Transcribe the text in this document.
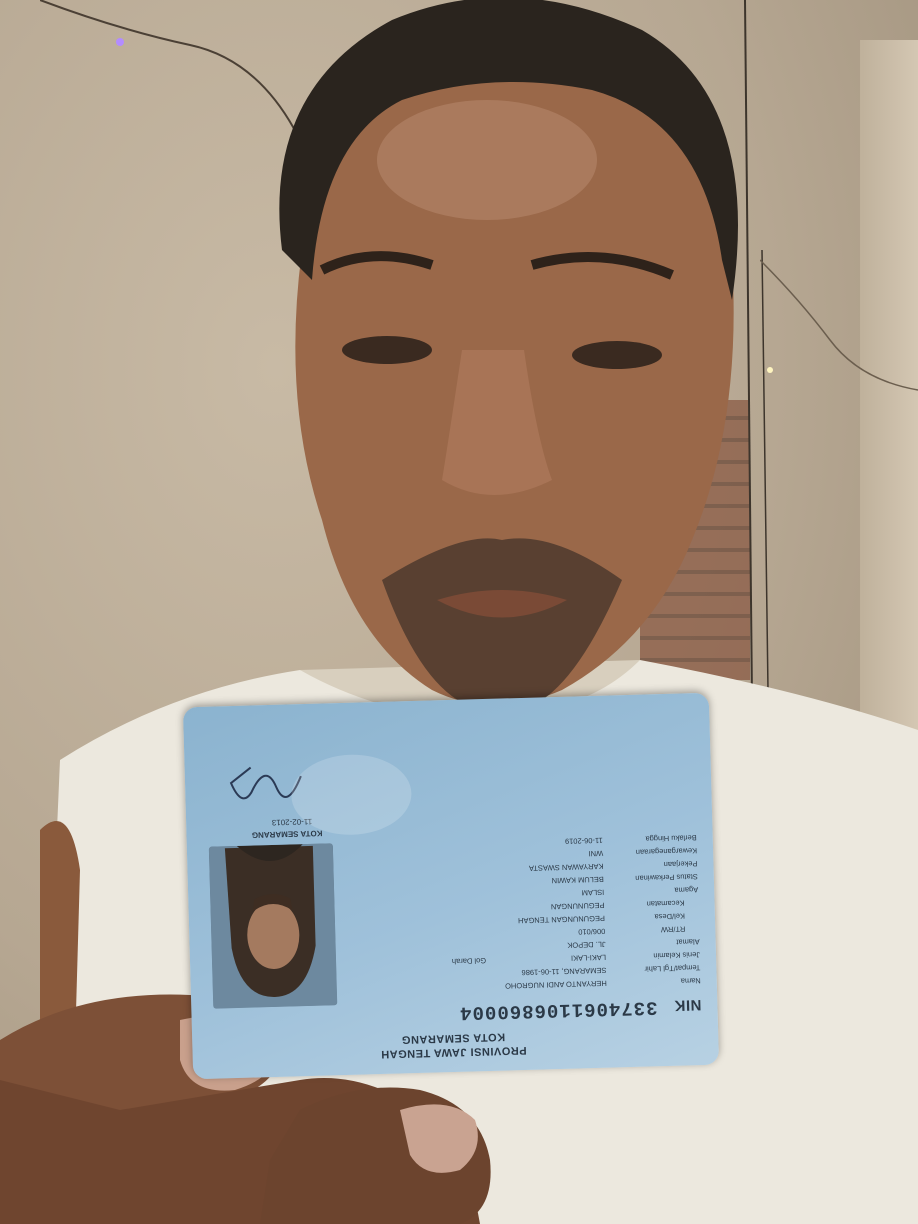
PROVINSI JAWA TENGAH
KOTA SEMARANG
NIK
3374061106860004
Nama
HERYANTO ANDI NUGROHO
Tempat/Tgl Lahir
SEMARANG, 11-06-1986
Jenis Kelamin
LAKI-LAKI
Gol Darah
Alamat
JL. DEPOK
RT/RW
006/010
Kel/Desa
PEGUNUNGAN TENGAH
Kecamatan
PEGUNUNGAN
Agama
ISLAM
Status Perkawinan
BELUM KAWIN
Pekerjaan
KARYAWAN SWASTA
Kewarganegaraan
WNI
Berlaku Hingga
11-06-2019
KOTA SEMARANG
11-02-2013
